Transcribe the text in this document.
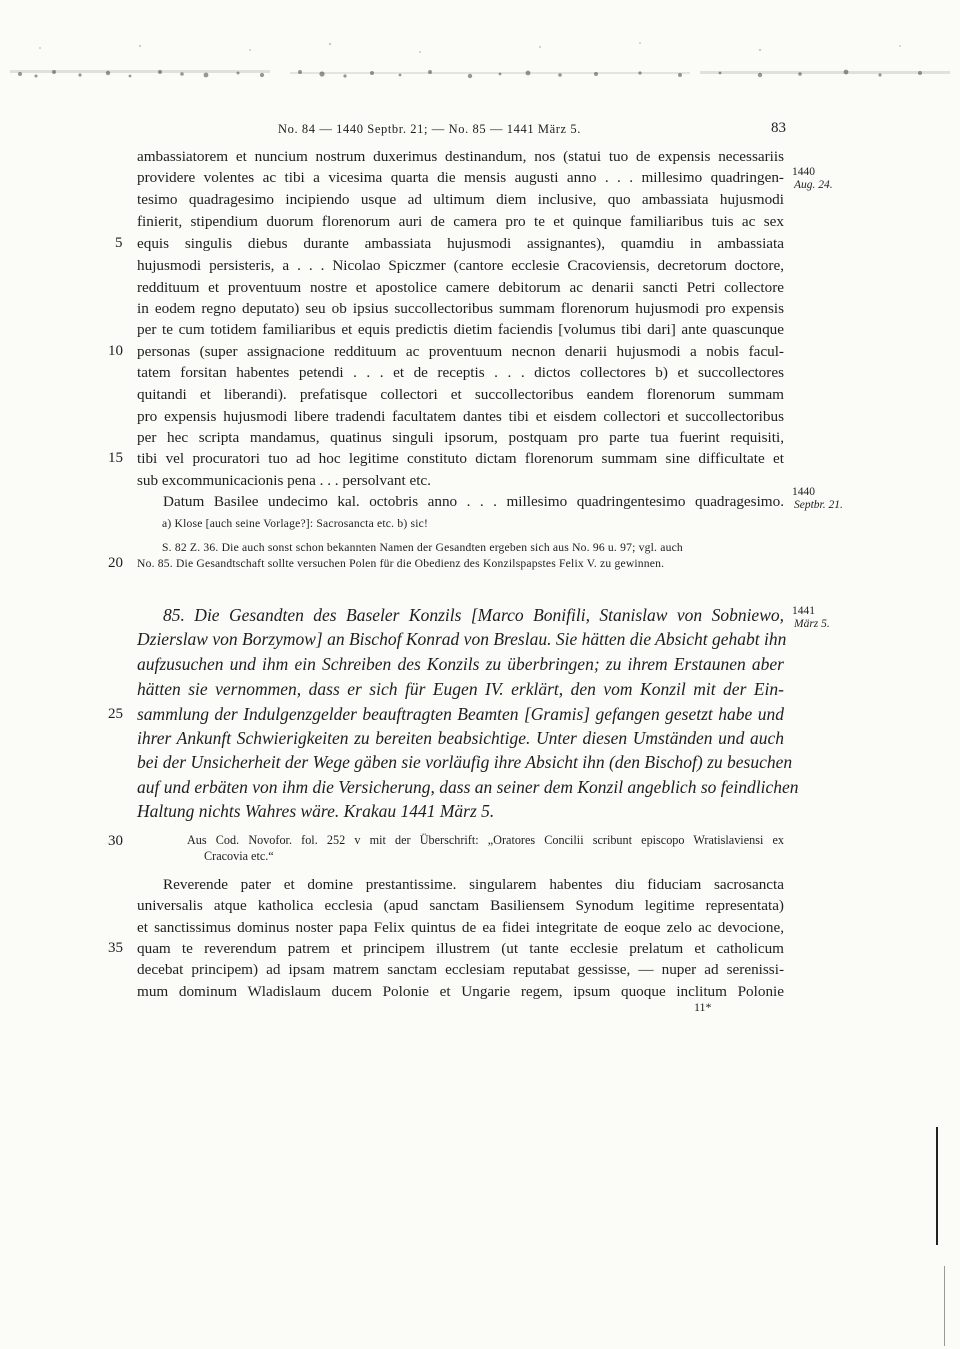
No. 84 — 1440 Septbr. 21; — No. 85 — 1441 März 5.	83
ambassiatorem et nuncium nostrum duxerimus destinandum, nos (statui tuo de expensis necessariis
providere volentes ac tibi a vicesima quarta die mensis augusti anno . . . millesimo quadringen-
tesimo quadragesimo incipiendo usque ad ultimum diem inclusive, quo ambassiata hujusmodi
finierit, stipendium duorum florenorum auri de camera pro te et quinque familiaribus tuis ac sex
equis singulis diebus durante ambassiata hujusmodi assignantes), quamdiu in ambassiata
hujusmodi persisteris, a . . . Nicolao Spiczmer (cantore ecclesie Cracoviensis, decretorum doctore,
reddituum et proventuum nostre et apostolice camere debitorum ac denarii sancti Petri collectore
in eodem regno deputato) seu ob ipsius succollectoribus summam florenorum hujusmodi pro expensis
per te cum totidem familiaribus et equis predictis dietim faciendis [volumus tibi dari] ante quascunque
personas (super assignacione reddituum ac proventuum necnon denarii hujusmodi a nobis facul-
tatem forsitan habentes petendi . . . et de receptis . . . dictos collectores b) et succollectores
quitandi et liberandi). prefatisque collectori et succollectoribus eandem florenorum summam
pro expensis hujusmodi libere tradendi facultatem dantes tibi et eisdem collectori et succollectoribus
per hec scripta mandamus, quatinus singuli ipsorum, postquam pro parte tua fuerint requisiti,
tibi vel procuratori tuo ad hoc legitime constituto dictam florenorum summam sine difficultate et
sub excommunicacionis pena . . . persolvant etc.
Datum Basilee undecimo kal. octobris anno . . . millesimo quadringentesimo quadragesimo.
a) Klose [auch seine Vorlage?]: Sacrosancta etc. b) sic!
S. 82 Z. 36. Die auch sonst schon bekannten Namen der Gesandten ergeben sich aus No. 96 u. 97; vgl. auch
No. 85. Die Gesandtschaft sollte versuchen Polen für die Obedienz des Konzilspapstes Felix V. zu gewinnen.
1440
Aug. 24.
1440
Septbr. 21.
85. Die Gesandten des Baseler Konzils [Marco Bonifili, Stanislaw von Sobniewo,
Dzierslaw von Borzymow] an Bischof Konrad von Breslau. Sie hätten die Absicht gehabt ihn
aufzusuchen und ihm ein Schreiben des Konzils zu überbringen; zu ihrem Erstaunen aber
hätten sie vernommen, dass er sich für Eugen IV. erklärt, den vom Konzil mit der Ein-
sammlung der Indulgenzgelder beauftragten Beamten [Gramis] gefangen gesetzt habe und
ihrer Ankunft Schwierigkeiten zu bereiten beabsichtige. Unter diesen Umständen und auch
bei der Unsicherheit der Wege gäben sie vorläufig ihre Absicht ihn (den Bischof) zu besuchen
auf und erbäten von ihm die Versicherung, dass an seiner dem Konzil angeblich so feindlichen
Haltung nichts Wahres wäre. Krakau 1441 März 5.
1441
März 5.
Aus Cod. Novofor. fol. 252 v mit der Überschrift: „Oratores Concilii scribunt episcopo Wratislaviensi ex
Cracovia etc.“
Reverende pater et domine prestantissime. singularem habentes diu fiduciam sacrosancta
universalis atque katholica ecclesia (apud sanctam Basiliensem Synodum legitime representata)
et sanctissimus dominus noster papa Felix quintus de ea fidei integritate de eoque zelo ac devocione,
quam te reverendum patrem et principem illustrem (ut tante ecclesie prelatum et catholicum
decebat principem) ad ipsam matrem sanctam ecclesiam reputabat gessisse, — nuper ad serenissi-
mum dominum Wladislaum ducem Polonie et Ungarie regem, ipsum quoque inclitum Polonie
11*
5
10
15
20
25
30
35
